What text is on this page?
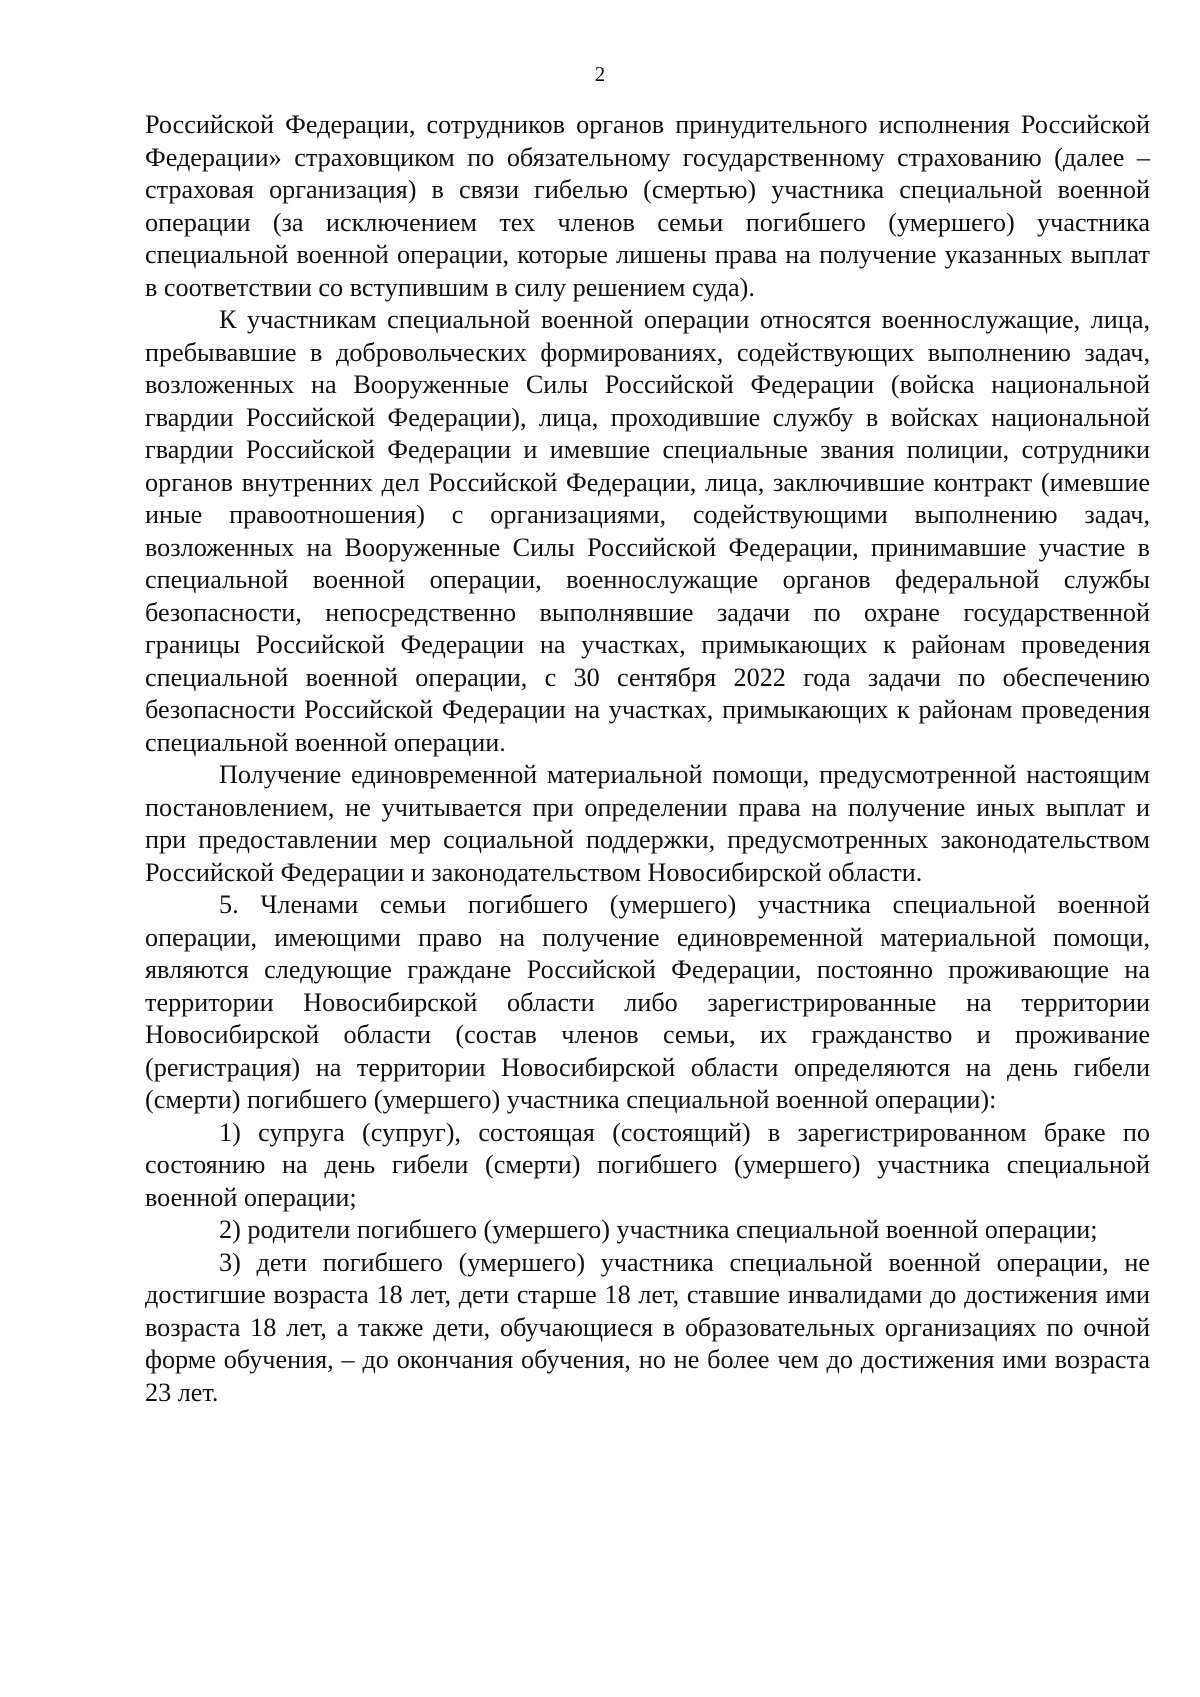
2

Российской Федерации, сотрудников органов принудительного исполнения Российской Федерации» страховщиком по обязательному государственному страхованию (далее – страховая организация) в связи гибелью (смертью) участника специальной военной операции (за исключением тех членов семьи погибшего (умершего) участника специальной военной операции, которые лишены права на получение указанных выплат в соответствии со вступившим в силу решением суда).

К участникам специальной военной операции относятся военнослужащие, лица, пребывавшие в добровольческих формированиях, содействующих выполнению задач, возложенных на Вооруженные Силы Российской Федерации (войска национальной гвардии Российской Федерации), лица, проходившие службу в войсках национальной гвардии Российской Федерации и имевшие специальные звания полиции, сотрудники органов внутренних дел Российской Федерации, лица, заключившие контракт (имевшие иные правоотношения) с организациями, содействующими выполнению задач, возложенных на Вооруженные Силы Российской Федерации, принимавшие участие в специальной военной операции, военнослужащие органов федеральной службы безопасности, непосредственно выполнявшие задачи по охране государственной границы Российской Федерации на участках, примыкающих к районам проведения специальной военной операции, с 30 сентября 2022 года задачи по обеспечению безопасности Российской Федерации на участках, примыкающих к районам проведения специальной военной операции.

Получение единовременной материальной помощи, предусмотренной настоящим постановлением, не учитывается при определении права на получение иных выплат и при предоставлении мер социальной поддержки, предусмотренных законодательством Российской Федерации и законодательством Новосибирской области.

5. Членами семьи погибшего (умершего) участника специальной военной операции, имеющими право на получение единовременной материальной помощи, являются следующие граждане Российской Федерации, постоянно проживающие на территории Новосибирской области либо зарегистрированные на территории Новосибирской области (состав членов семьи, их гражданство и проживание (регистрация) на территории Новосибирской области определяются на день гибели (смерти) погибшего (умершего) участника специальной военной операции):

1) супруга (супруг), состоящая (состоящий) в зарегистрированном браке по состоянию на день гибели (смерти) погибшего (умершего) участника специальной военной операции;

2) родители погибшего (умершего) участника специальной военной операции;

3) дети погибшего (умершего) участника специальной военной операции, не достигшие возраста 18 лет, дети старше 18 лет, ставшие инвалидами до достижения ими возраста 18 лет, а также дети, обучающиеся в образовательных организациях по очной форме обучения, – до окончания обучения, но не более чем до достижения ими возраста 23 лет.
